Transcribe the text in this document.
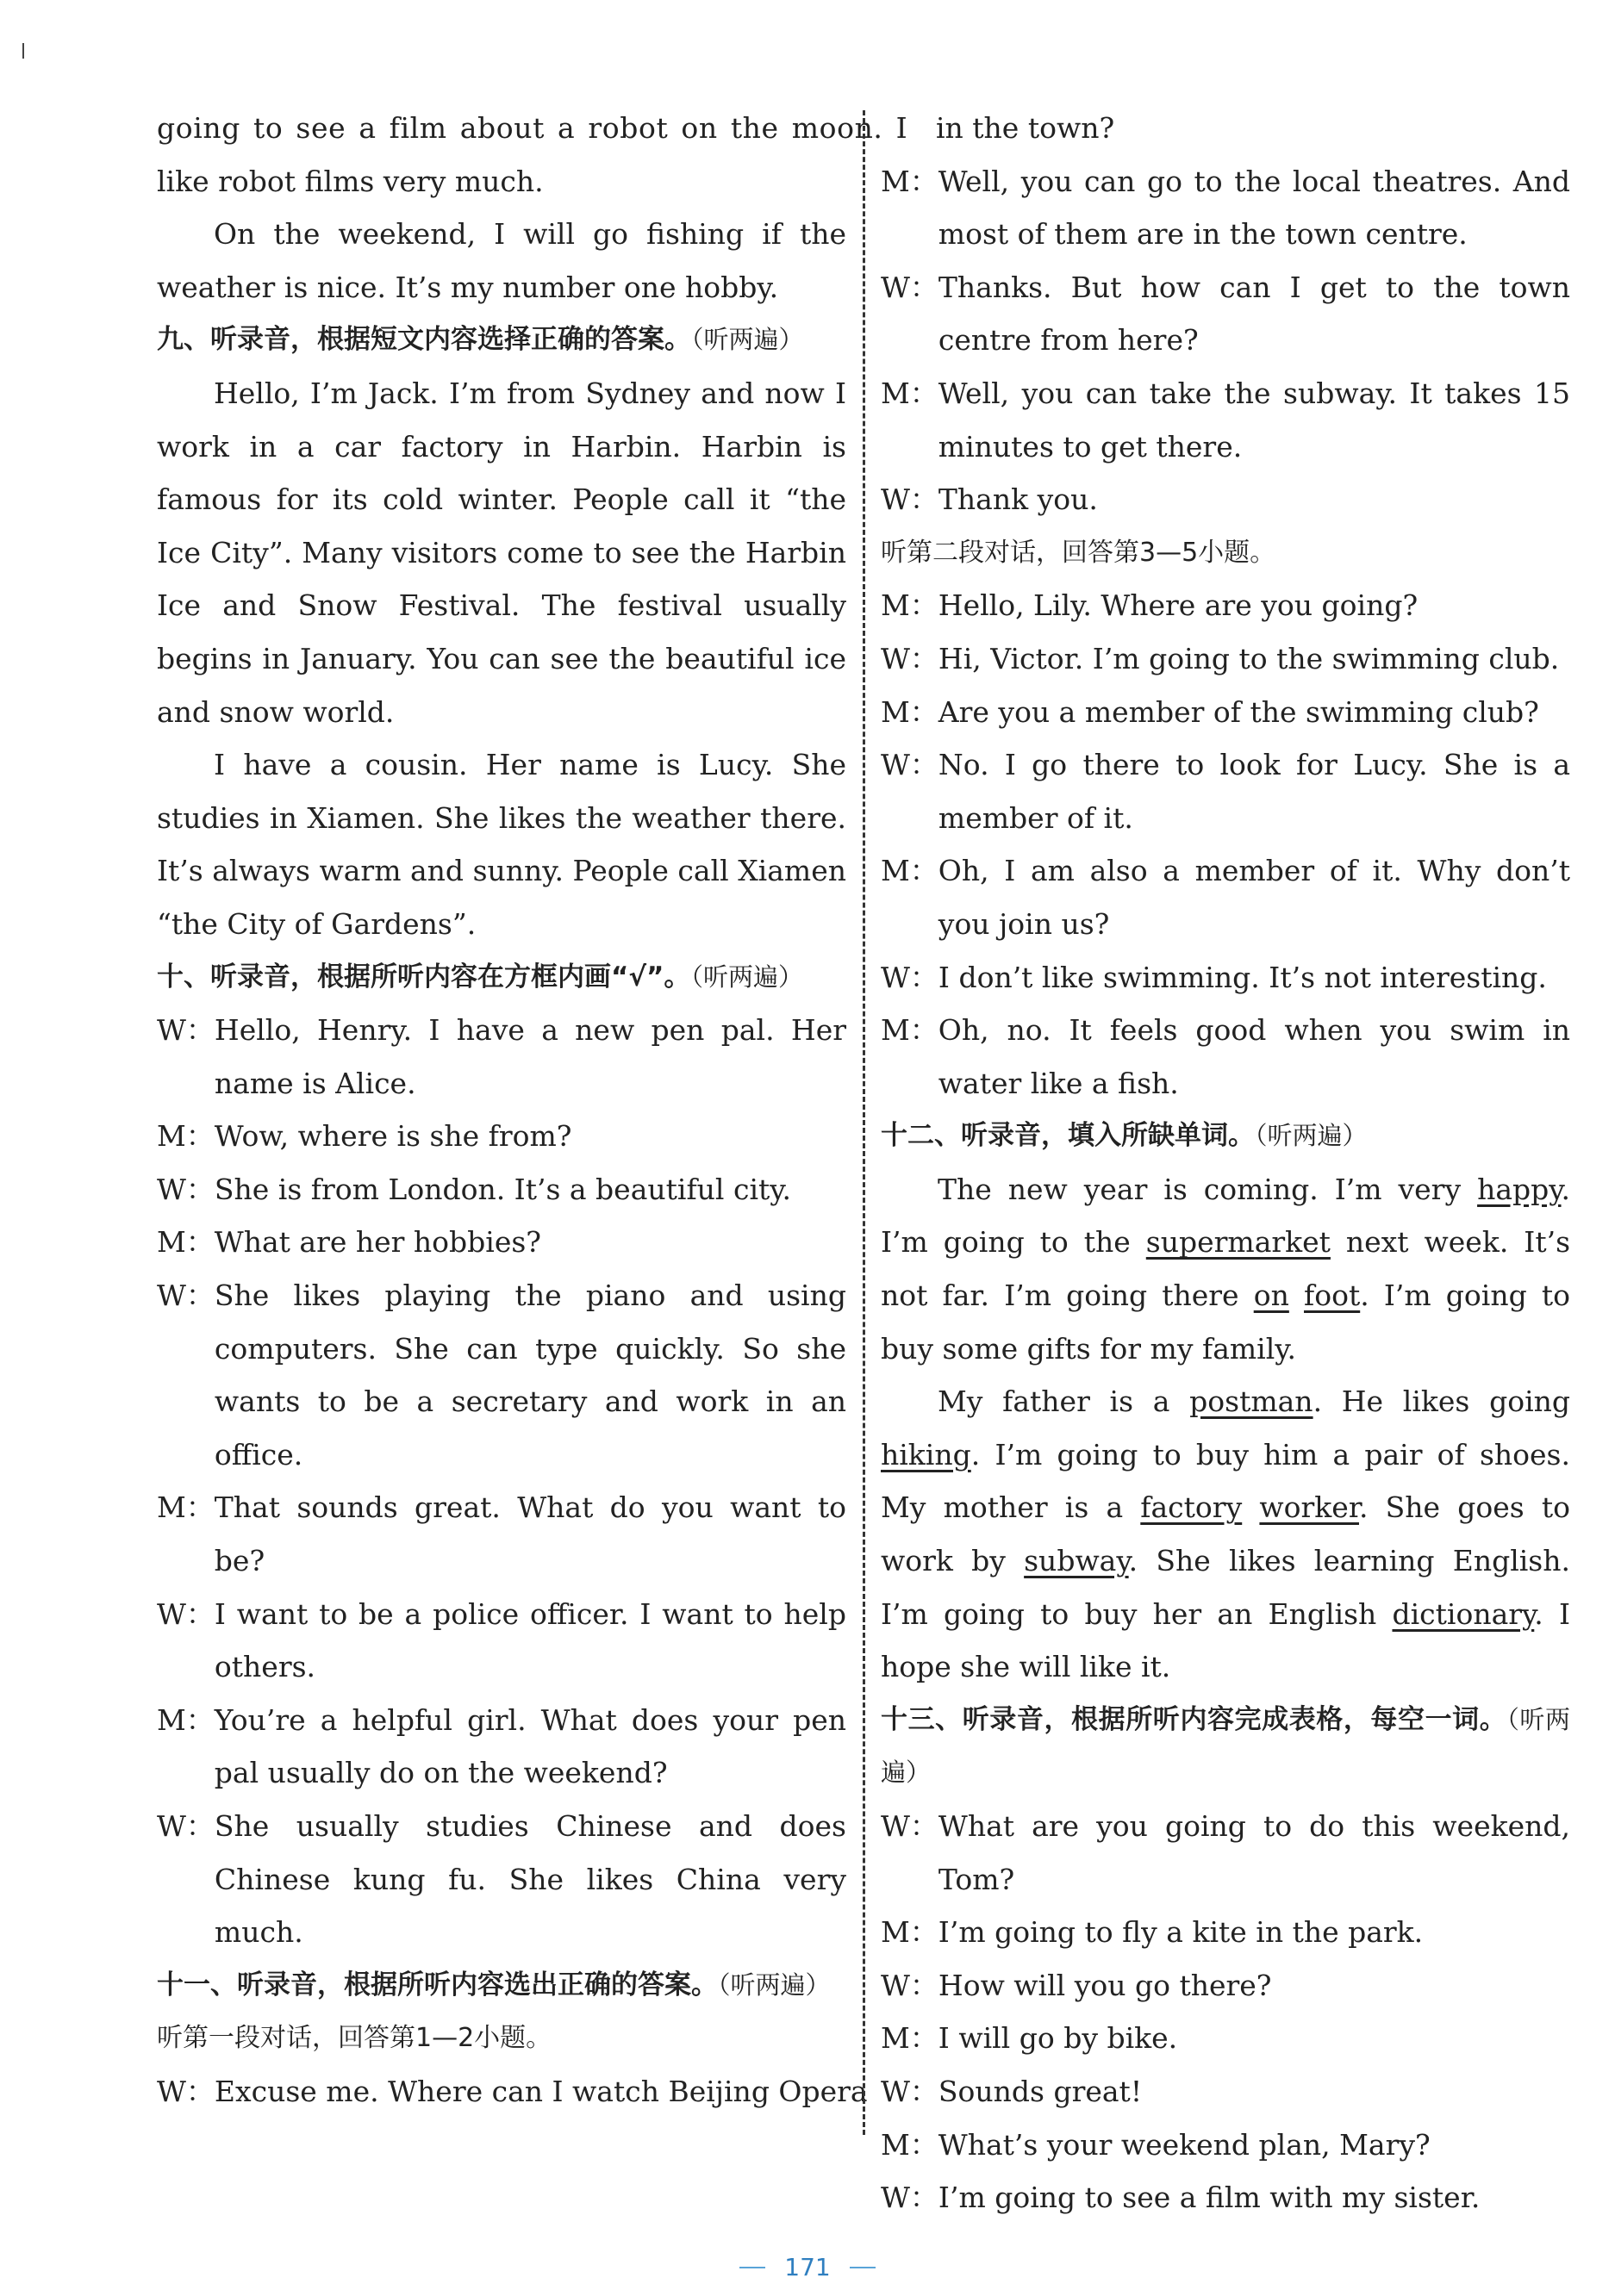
going to see a film about a robot on the moon. I
like robot films very much.
On the weekend, I will go fishing if the weather is nice. It’s my number one hobby.
九、听录音，根据短文内容选择正确的答案。（听两遍）
Hello, I’m Jack. I’m from Sydney and now I work in a car factory in Harbin. Harbin is famous for its cold winter. People call it “the Ice City”. Many visitors come to see the Harbin Ice and Snow Festival. The festival usually begins in January. You can see the beautiful ice and snow world.
I have a cousin. Her name is Lucy. She studies in Xiamen. She likes the weather there. It’s always warm and sunny. People call Xiamen “the City of Gardens”.
十、听录音，根据所听内容在方框内画“√”。（听两遍）
W： Hello, Henry. I have a new pen pal. Her name is Alice.
M： Wow, where is she from?
W： She is from London. It’s a beautiful city.
M： What are her hobbies?
W： She likes playing the piano and using computers. She can type quickly. So she wants to be a secretary and work in an office.
M： That sounds great. What do you want to be?
W： I want to be a police officer. I want to help others.
M： You’re a helpful girl. What does your pen pal usually do on the weekend?
W： She usually studies Chinese and does Chinese kung fu. She likes China very much.
十一、听录音，根据所听内容选出正确的答案。（听两遍）
听第一段对话，回答第1—2小题。
W： Excuse me. Where can I watch Beijing Opera
in the town?
M： Well, you can go to the local theatres. And most of them are in the town centre.
W： Thanks. But how can I get to the town centre from here?
M： Well, you can take the subway. It takes 15 minutes to get there.
W： Thank you.
听第二段对话，回答第3—5小题。
M： Hello, Lily. Where are you going?
W： Hi, Victor. I’m going to the swimming club.
M： Are you a member of the swimming club?
W： No. I go there to look for Lucy. She is a member of it.
M： Oh, I am also a member of it. Why don’t you join us?
W： I don’t like swimming. It’s not interesting.
M： Oh, no. It feels good when you swim in water like a fish.
十二、听录音，填入所缺单词。（听两遍）
The new year is coming. I’m very happy. I’m going to the supermarket next week. It’s not far. I’m going there on foot. I’m going to buy some gifts for my family.
My father is a postman. He likes going hiking. I’m going to buy him a pair of shoes. My mother is a factory worker. She goes to work by subway. She likes learning English. I’m going to buy her an English dictionary. I hope she will like it.
十三、听录音，根据所听内容完成表格，每空一词。（听两遍）
W： What are you going to do this weekend, Tom?
M： I’m going to fly a kite in the park.
W： How will you go there?
M： I will go by bike.
W： Sounds great!
M： What’s your weekend plan, Mary?
W： I’m going to see a film with my sister.
171
